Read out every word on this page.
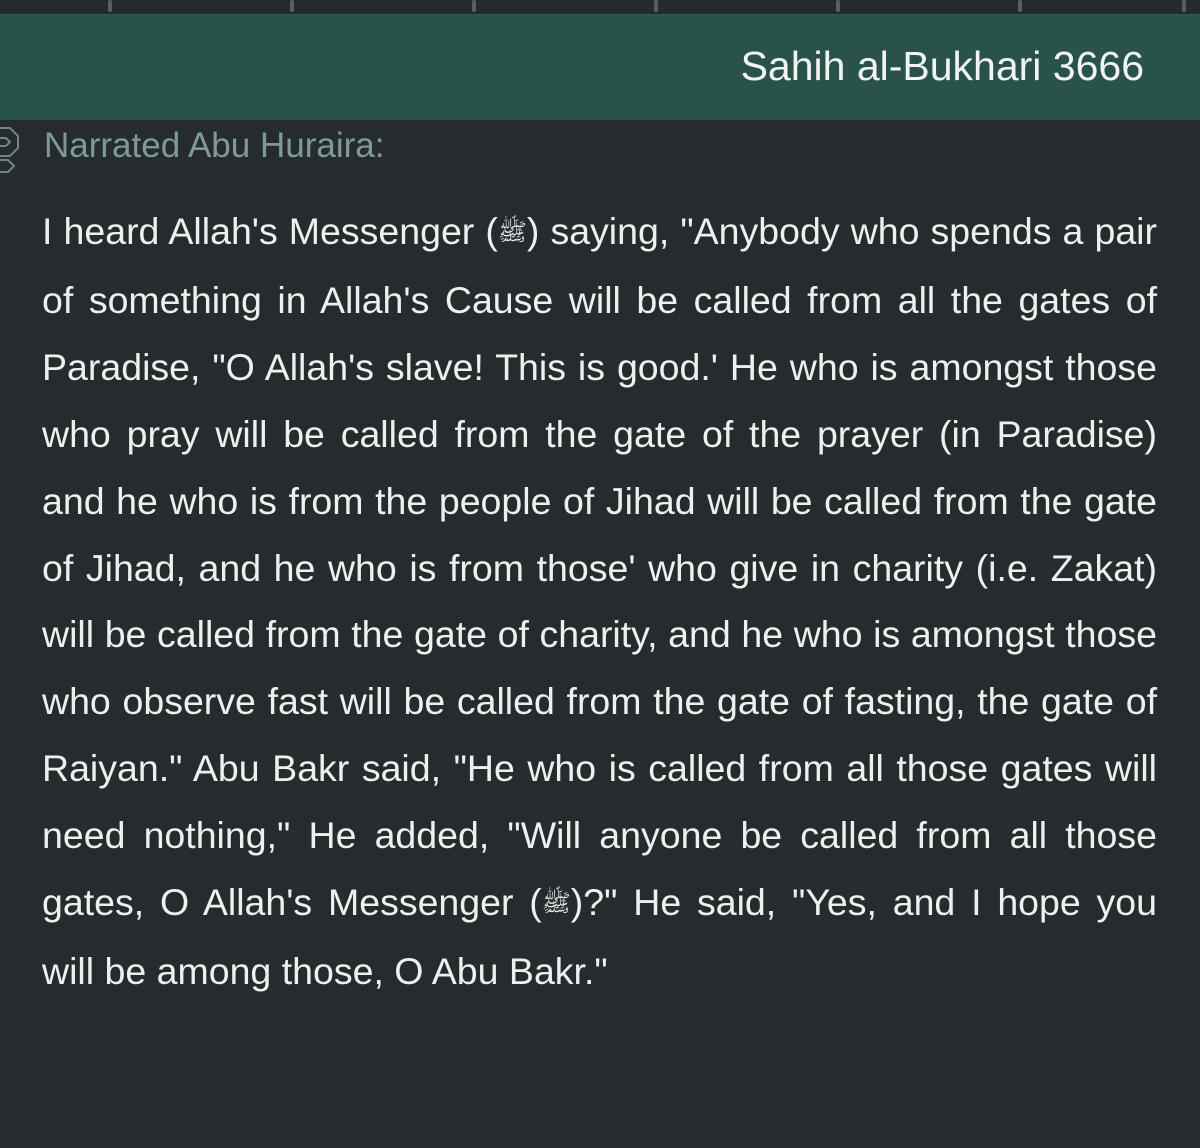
Sahih al-Bukhari 3666
Narrated Abu Huraira:

I heard Allah's Messenger (ﷺ) saying, "Anybody who spends a pair of something in Allah's Cause will be called from all the gates of Paradise, "O Allah's slave! This is good.' He who is amongst those who pray will be called from the gate of the prayer (in Paradise) and he who is from the people of Jihad will be called from the gate of Jihad, and he who is from those' who give in charity (i.e. Zakat) will be called from the gate of charity, and he who is amongst those who observe fast will be called from the gate of fasting, the gate of Raiyan." Abu Bakr said, "He who is called from all those gates will need nothing," He added, "Will anyone be called from all those gates, O Allah's Messenger (ﷺ)?" He said, "Yes, and I hope you will be among those, O Abu Bakr."
